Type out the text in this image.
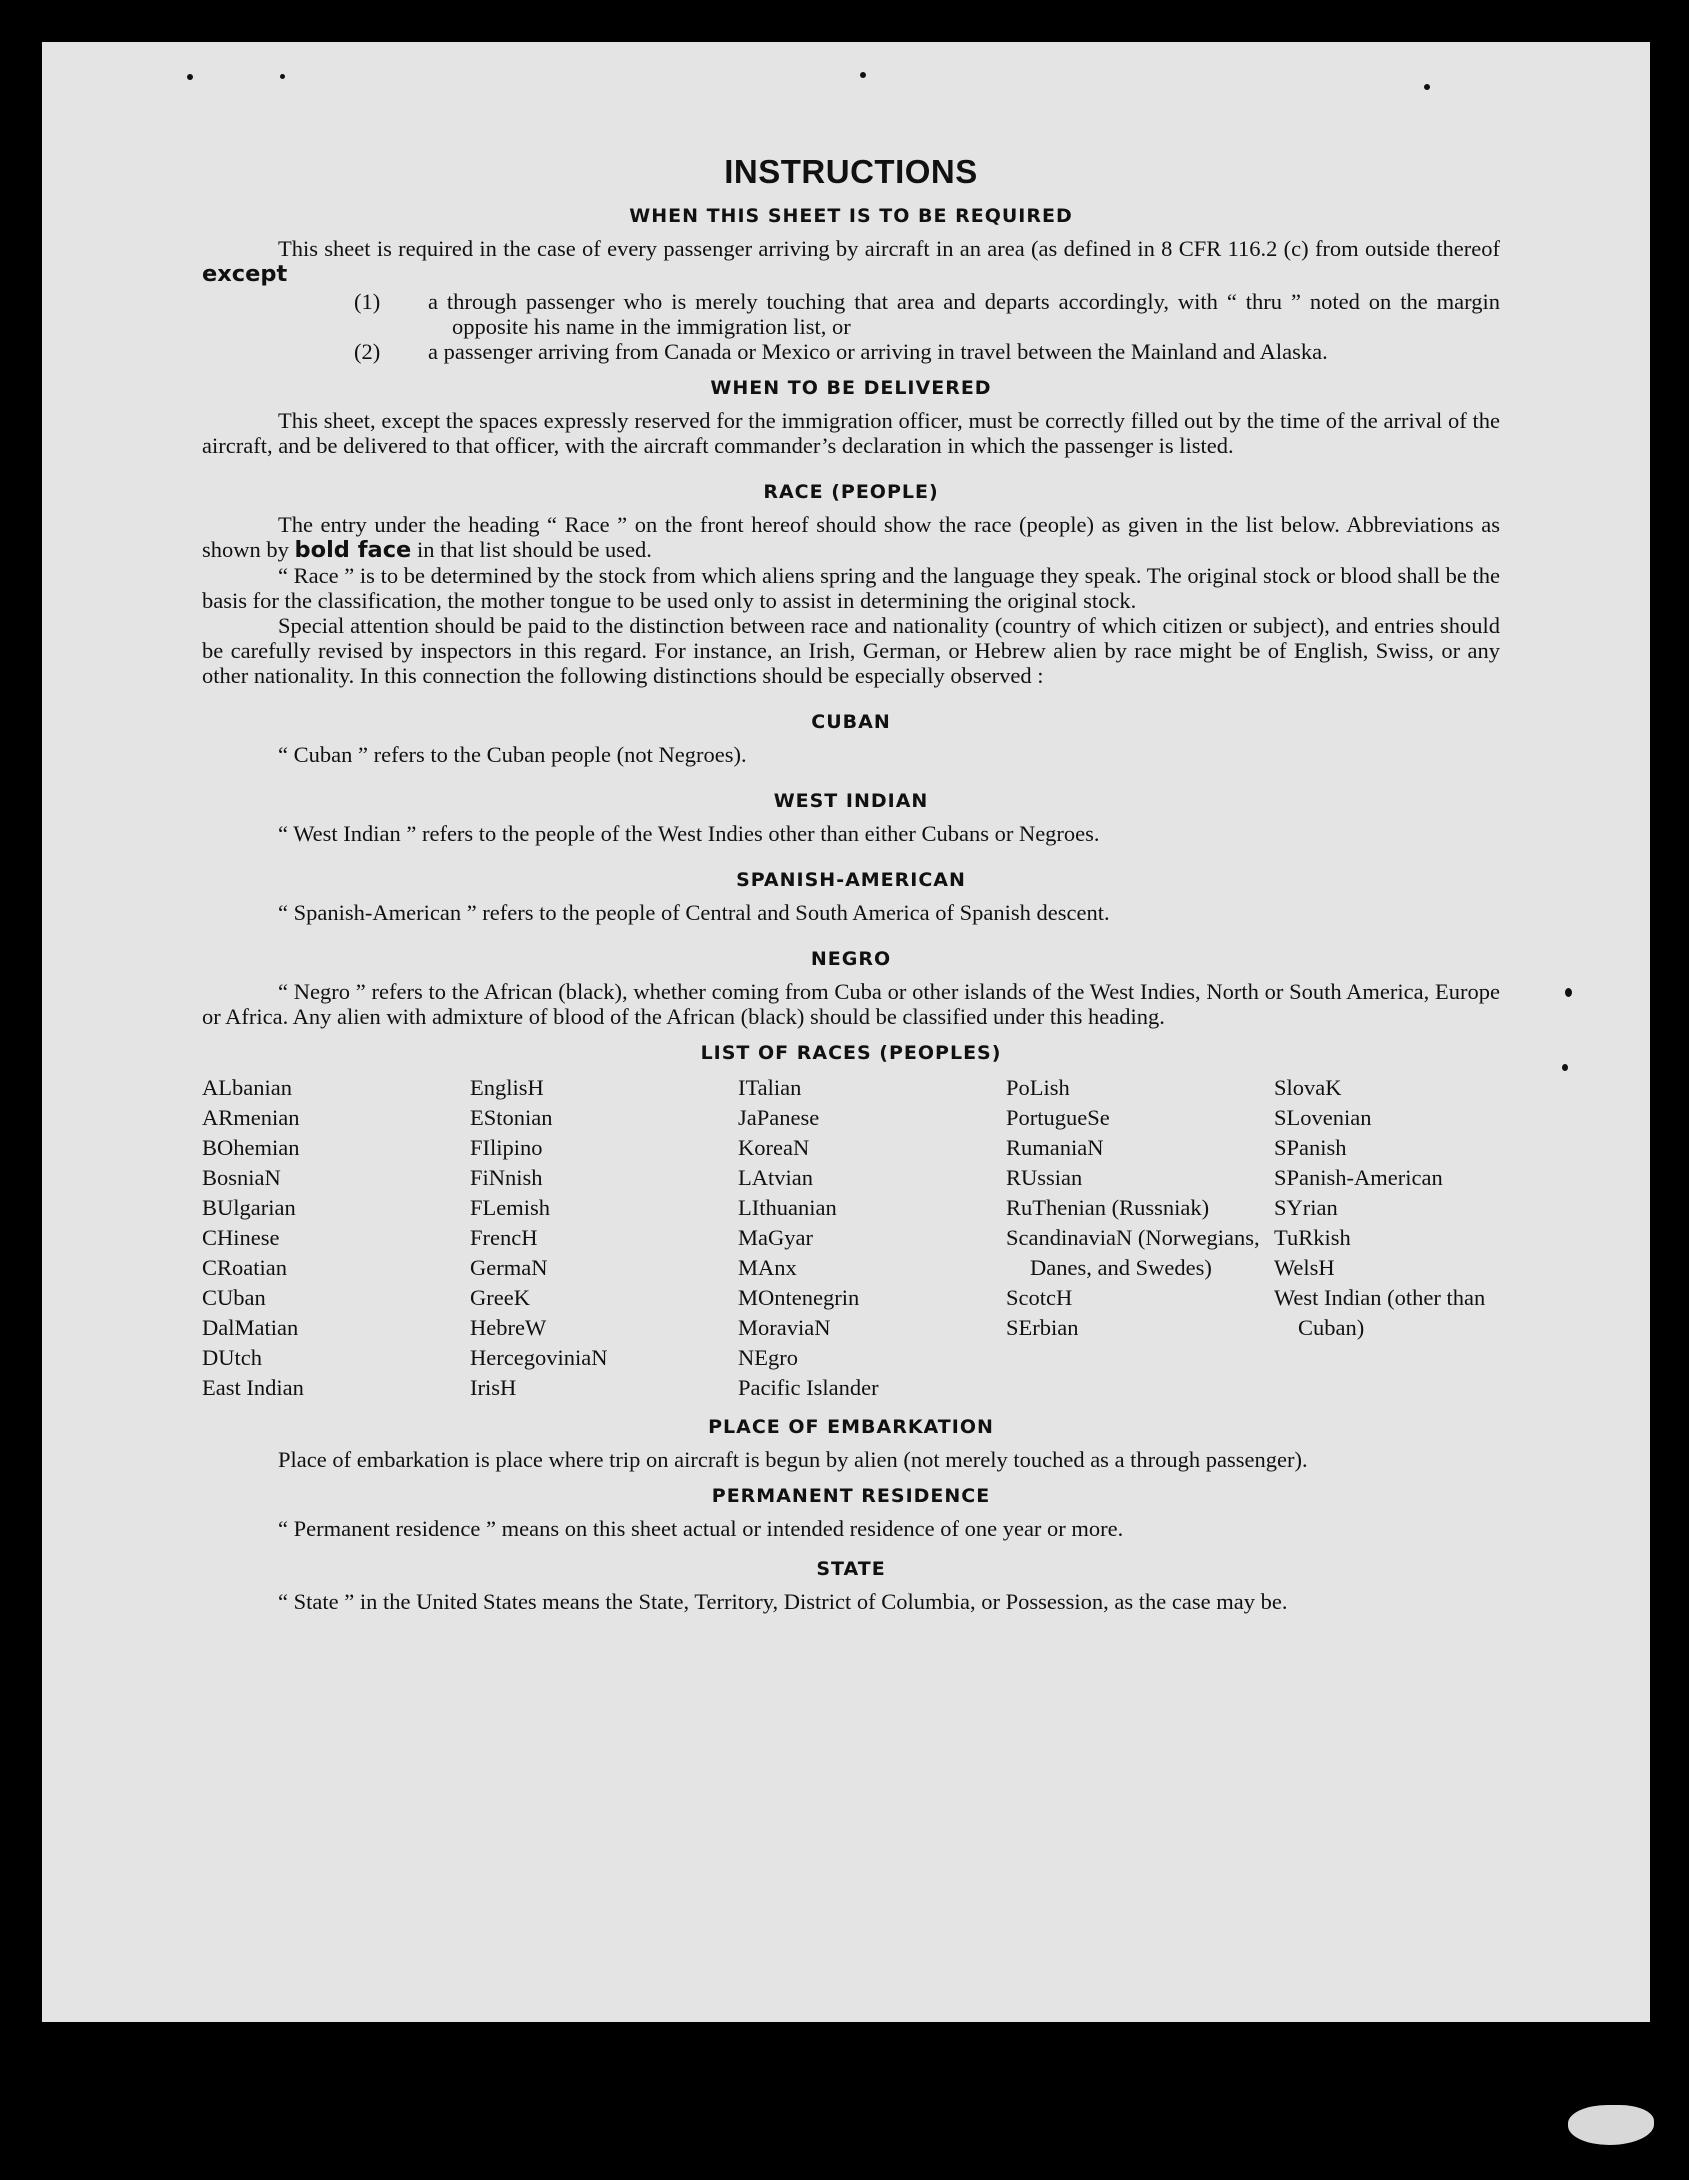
INSTRUCTIONS
WHEN THIS SHEET IS TO BE REQUIRED

This sheet is required in the case of every passenger arriving by aircraft in an area (as defined in 8 CFR 116.2 (c) from outside thereof except

(1) a through passenger who is merely touching that area and departs accordingly, with “ thru ” noted on the margin opposite his name in the immigration list, or
(2) a passenger arriving from Canada or Mexico or arriving in travel between the Mainland and Alaska.
WHEN TO BE DELIVERED

This sheet, except the spaces expressly reserved for the immigration officer, must be correctly filled out by the time of the arrival of the aircraft, and be delivered to that officer, with the aircraft commander’s declaration in which the passenger is listed.

RACE (PEOPLE)

The entry under the heading “ Race ” on the front hereof should show the race (people) as given in the list below. Abbreviations as shown by bold face in that list should be used.

“ Race ” is to be determined by the stock from which aliens spring and the language they speak. The original stock or blood shall be the basis for the classification, the mother tongue to be used only to assist in determining the original stock.

Special attention should be paid to the distinction between race and nationality (country of which citizen or subject), and entries should be carefully revised by inspectors in this regard. For instance, an Irish, German, or Hebrew alien by race might be of English, Swiss, or any other nationality. In this connection the following distinctions should be especially observed :

CUBAN

“ Cuban ” refers to the Cuban people (not Negroes).

WEST INDIAN

“ West Indian ” refers to the people of the West Indies other than either Cubans or Negroes.

SPANISH-AMERICAN

“ Spanish-American ” refers to the people of Central and South America of Spanish descent.

NEGRO

“ Negro ” refers to the African (black), whether coming from Cuba or other islands of the West Indies, North or South America, Europe or Africa. Any alien with admixture of blood of the African (black) should be classified under this heading.

LIST OF RACES (PEOPLES)
ALbanian
ARmenian
BOhemian
BosniaN
BUlgarian
CHinese
CRoatian
CUban
DalMatian
DUtch
East Indian
EnglisH
EStonian
FIlipino
FiNnish
FLemish
FrencH
GermaN
GreeK
HebreW
HercegoviniaN
IrisH
ITalian
JaPanese
KoreaN
LAtvian
LIthuanian
MaGyar
MAnx
MOntenegrin
MoraviaN
NEgro
Pacific Islander
PoLish
PortugueSe
RumaniaN
RUssian
RuThenian (Russniak)
ScandinaviaN (Norwegians, Danes, and Swedes)
ScotcH
SErbian
SlovaK
SLovenian
SPanish
SPanish-American
SYrian
TuRkish
WelsH
West Indian (other than Cuban)
PLACE OF EMBARKATION

Place of embarkation is place where trip on aircraft is begun by alien (not merely touched as a through passenger).

PERMANENT RESIDENCE

“ Permanent residence ” means on this sheet actual or intended residence of one year or more.

STATE

“ State ” in the United States means the State, Territory, District of Columbia, or Possession, as the case may be.
